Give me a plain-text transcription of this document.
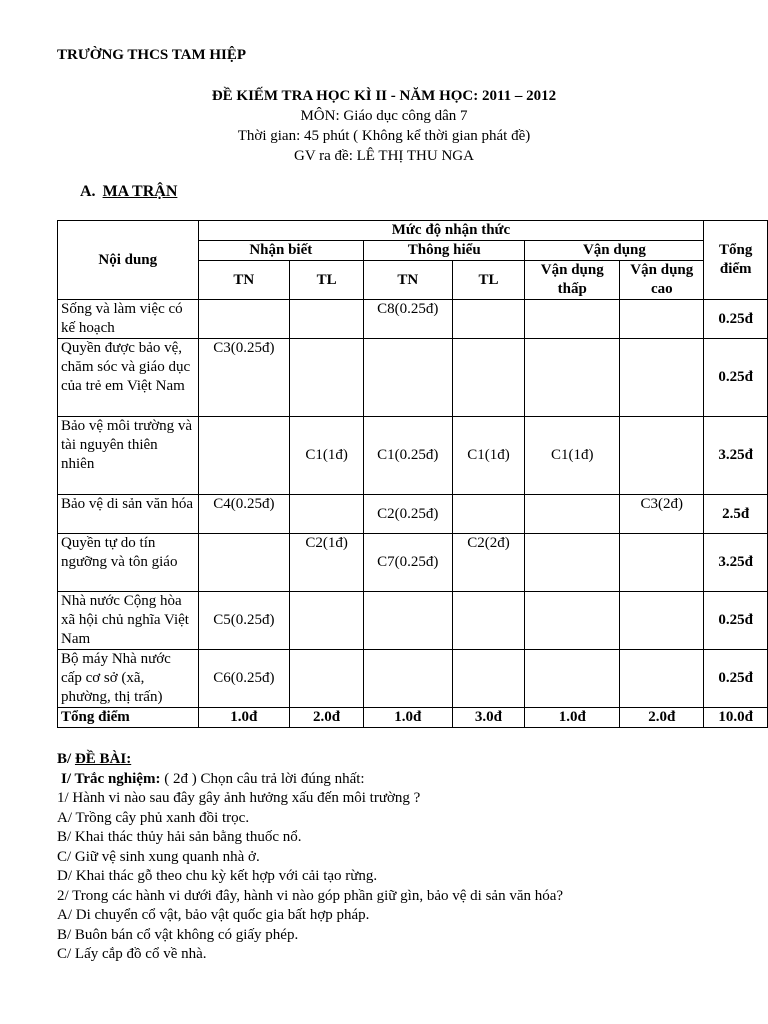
TRƯỜNG THCS TAM HIỆP
ĐỀ KIẾM TRA HỌC KÌ II - NĂM HỌC: 2011 – 2012
MÔN: Giáo dục công dân 7
Thời gian: 45 phút ( Không kể thời gian phát đề)
GV ra đề: LÊ THỊ THU NGA
A. MA TRẬN
Nội dung	Mức độ nhận thức						Tổng điểm
	Nhận biết		Thông hiểu		Vận dụng		
	TN	TL	TN	TL	Vận dụng thấp	Vận dụng cao	
Sống và làm việc có kế hoạch			C8(0.25đ)				0.25đ
Quyền được bảo vệ, chăm sóc và giáo dục của trẻ em Việt Nam	C3(0.25đ)						0.25đ
Bảo vệ môi trường và tài nguyên thiên nhiên		C1(1đ)	C1(0.25đ)	C1(1đ)	C1(1đ)		3.25đ
Bảo vệ di sản văn hóa	C4(0.25đ)		C2(0.25đ)			C3(2đ)	2.5đ
Quyền tự do tín ngưỡng và tôn giáo		C2(1đ)	C7(0.25đ)	C2(2đ)			3.25đ
Nhà nước Cộng hòa xã hội chủ nghĩa Việt Nam	C5(0.25đ)						0.25đ
Bộ máy Nhà nước cấp cơ sở (xã, phường, thị trấn)	C6(0.25đ)						0.25đ
Tổng điểm	1.0đ	2.0đ	1.0đ	3.0đ	1.0đ	2.0đ	10.0đ
B/ ĐỀ BÀI:
I/ Trắc nghiệm: ( 2đ ) Chọn câu trả lời đúng nhất:
1/ Hành vi nào sau đây gây ảnh hưởng xấu đến môi trường ?
A/ Trồng cây phủ xanh đồi trọc.
B/ Khai thác thủy hải sản bằng thuốc nổ.
C/ Giữ vệ sinh xung quanh nhà ở.
D/ Khai thác gỗ theo chu kỳ kết hợp với cải tạo rừng.
2/ Trong các hành vi dưới đây, hành vi nào góp phần giữ gìn, bảo vệ di sản văn hóa?
A/ Di chuyển cổ vật, bảo vật quốc gia bất hợp pháp.
B/ Buôn bán cổ vật không có giấy phép.
C/ Lấy cắp đồ cổ về nhà.
